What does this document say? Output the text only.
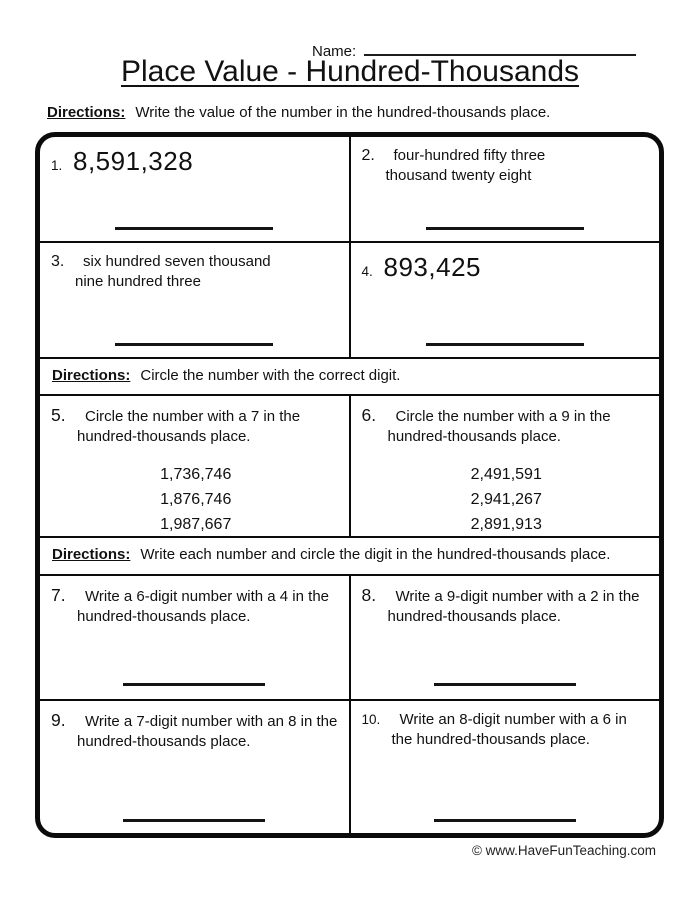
Name:
Place Value - Hundred-Thousands
Directions: Write the value of the number in the hundred-thousands place.
1. 8,591,328	2.	four-hundred fifty three thousand twenty eight
3.	six hundred seven thousand nine hundred three
4. 893,425
Directions: Circle the number with the correct digit.
5.	Circle the number with a 7 in the hundred-thousands place.
1,736,746
1,876,746
1,987,667
6.	Circle the number with a 9 in the hundred-thousands place.
2,491,591
2,941,267
2,891,913
Directions: Write each number and circle the digit in the hundred-thousands place.
7.	Write a 6-digit number with a 4 in the hundred-thousands place.
8.	Write a 9-digit number with a 2 in the hundred-thousands place.
9.	Write a 7-digit number with an 8 in the hundred-thousands place.
10.	Write an 8-digit number with a 6 in the hundred-thousands place.
© www.HaveFunTeaching.com
